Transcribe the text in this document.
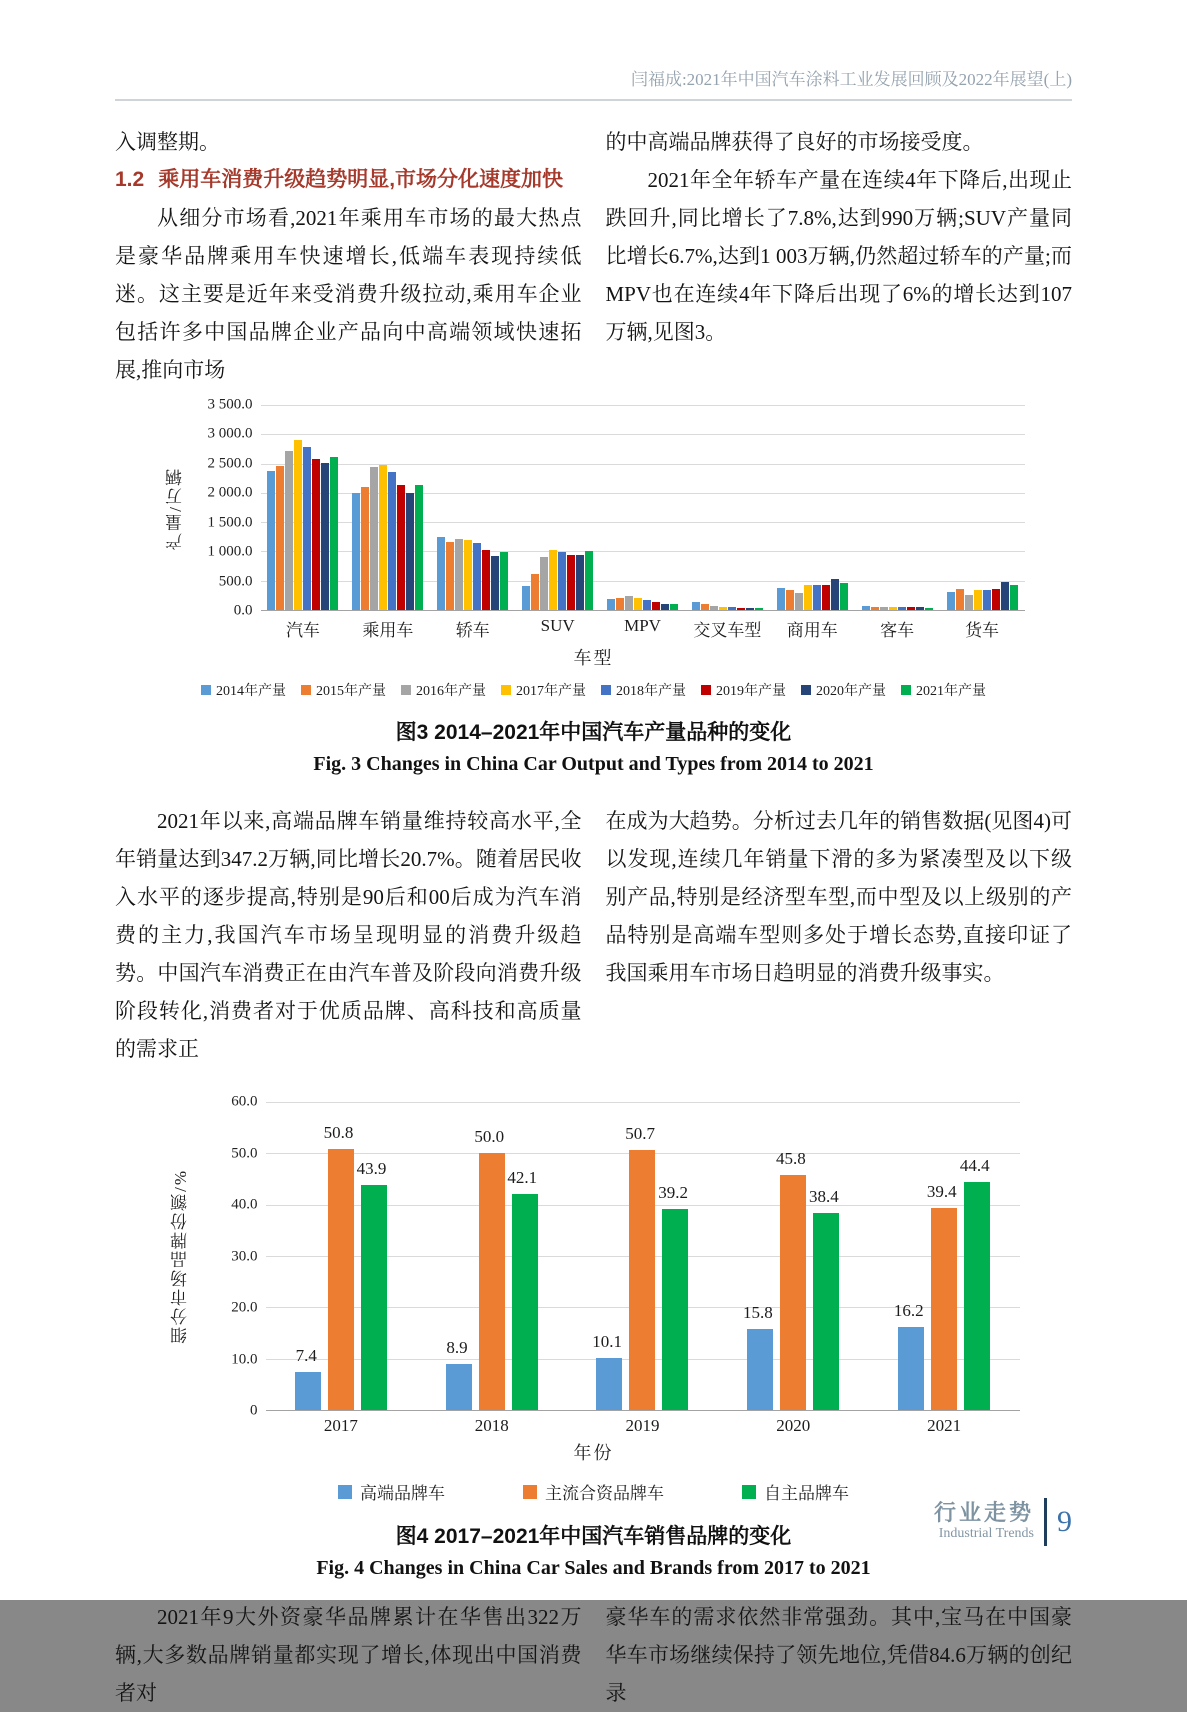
闫福成:2021年中国汽车涂料工业发展回顾及2022年展望(上)

入调整期。

1.2 乘用车消费升级趋势明显,市场分化速度加快

从细分市场看,2021年乘用车市场的最大热点是豪华品牌乘用车快速增长,低端车表现持续低迷。这主要是近年来受消费升级拉动,乘用车企业包括许多中国品牌企业产品向中高端领域快速拓展,推向市场

的中高端品牌获得了良好的市场接受度。

2021年全年轿车产量在连续4年下降后,出现止跌回升,同比增长了7.8%,达到990万辆;SUV产量同比增长6.7%,达到1 003万辆,仍然超过轿车的产量;而MPV也在连续4年下降后出现了6%的增长达到107万辆,见图3。

产量/万辆
3 500.0
3 000.0
2 500.0
2 000.0
1 500.0
1 000.0
500.0
0.0
汽车	乘用车	轿车	SUV	MPV	交叉车型	商用车	客车	货车
车型
2014年产量 2015年产量 2016年产量 2017年产量 2018年产量 2019年产量 2020年产量 2021年产量
图3 2014–2021年中国汽车产量品种的变化
Fig. 3 Changes in China Car Output and Types from 2014 to 2021

2021年以来,高端品牌车销量维持较高水平,全年销量达到347.2万辆,同比增长20.7%。随着居民收入水平的逐步提高,特别是90后和00后成为汽车消费的主力,我国汽车市场呈现明显的消费升级趋势。中国汽车消费正在由汽车普及阶段向消费升级阶段转化,消费者对于优质品牌、高科技和高质量的需求正

在成为大趋势。分析过去几年的销售数据(见图4)可以发现,连续几年销量下滑的多为紧凑型及以下级别产品,特别是经济型车型,而中型及以上级别的产品特别是高端车型则多处于增长态势,直接印证了我国乘用车市场日趋明显的消费升级事实。

细分市场品牌份额/%
60.0
50.0
40.0
30.0
20.0
10.0
0
7.4
50.8
43.9
8.9
50.0
42.1
10.1
50.7
39.2
15.8
45.8
38.4
16.2
39.4
44.4
2017	2018	2019	2020	2021
年份
高端品牌车	主流合资品牌车	自主品牌车
图4 2017–2021年中国汽车销售品牌的变化
Fig. 4 Changes in China Car Sales and Brands from 2017 to 2021

2021年9大外资豪华品牌累计在华售出322万辆,大多数品牌销量都实现了增长,体现出中国消费者对

豪华车的需求依然非常强劲。其中,宝马在中国豪华车市场继续保持了领先地位,凭借84.6万辆的创纪录

行业走势
Industrial Trends 9
